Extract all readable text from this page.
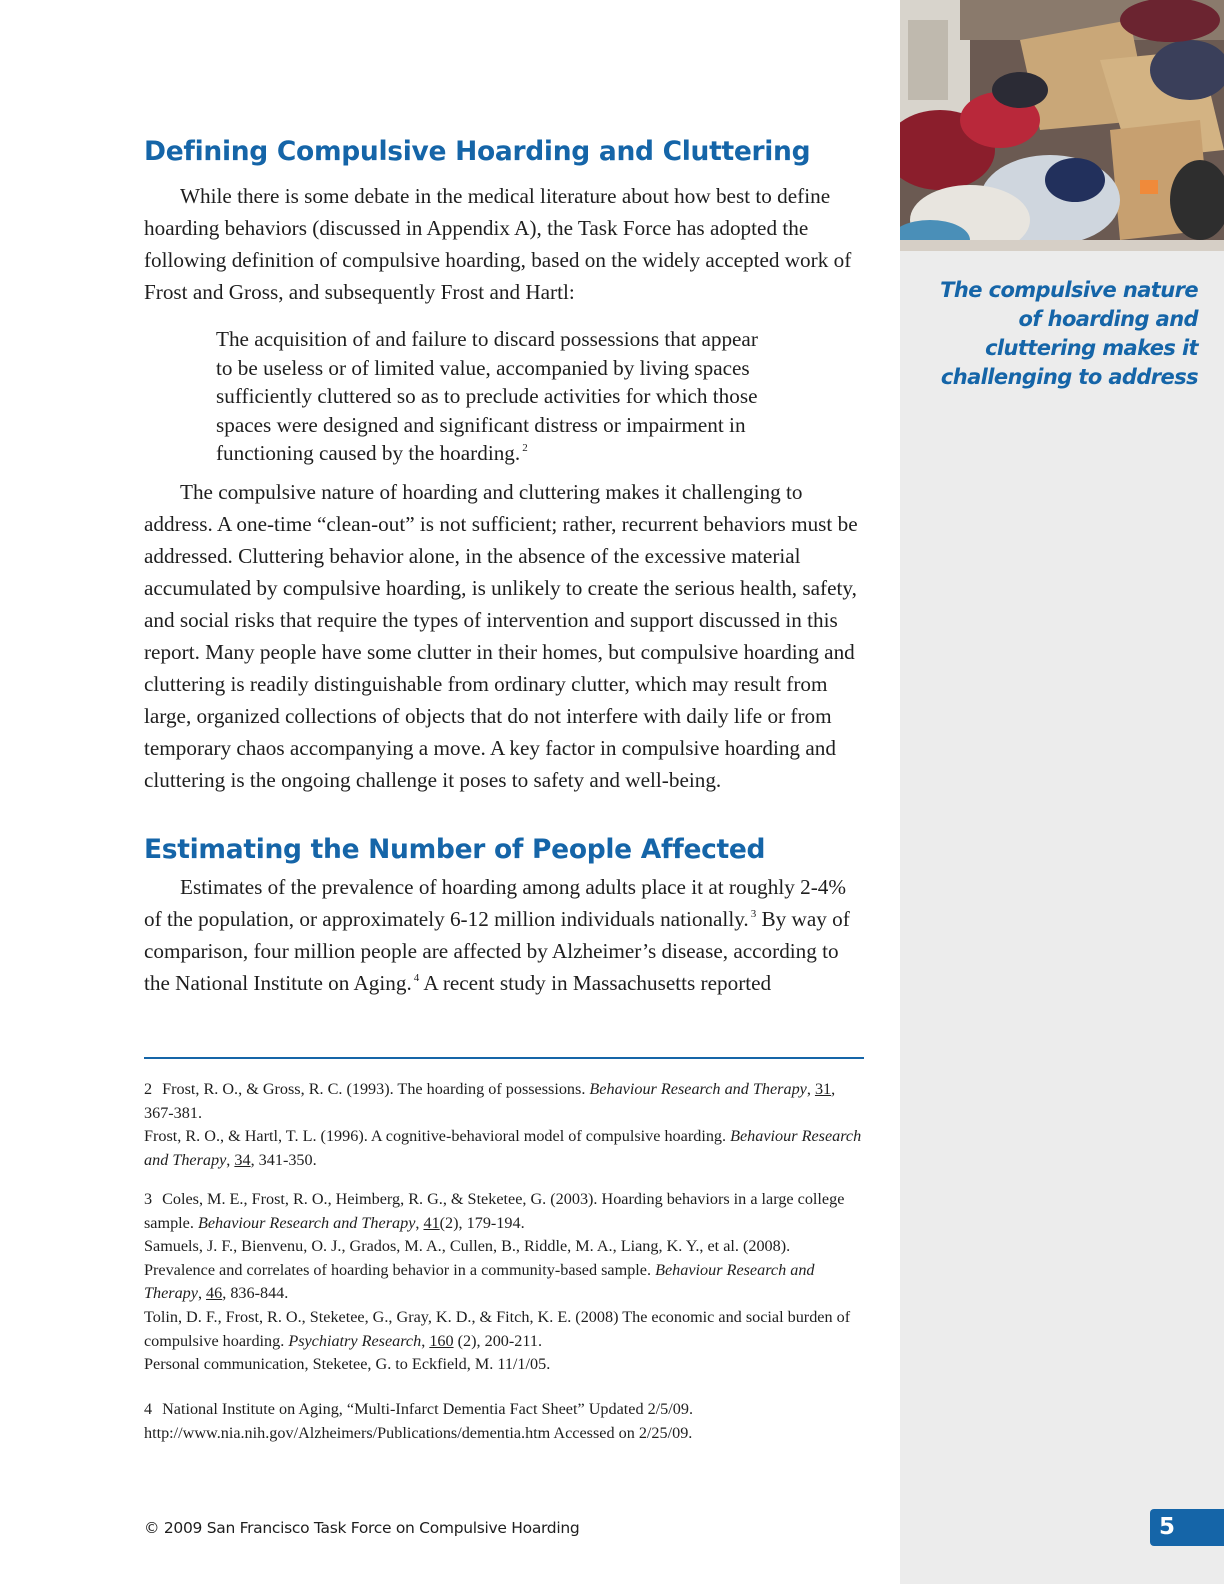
The compulsive nature of hoarding and cluttering makes it challenging to address
Defining Compulsive Hoarding and Cluttering

While there is some debate in the medical literature about how best to define hoarding behaviors (discussed in Appendix A), the Task Force has adopted the following definition of compulsive hoarding, based on the widely accepted work of Frost and Gross, and subsequently Frost and Hartl:

The acquisition of and failure to discard possessions that appear to be useless or of limited value, accompanied by living spaces sufficiently cluttered so as to preclude activities for which those spaces were designed and significant distress or impairment in functioning caused by the hoarding. $^2$

The compulsive nature of hoarding and cluttering makes it challenging to address. A one-time “clean-out” is not sufficient; rather, recurrent behaviors must be addressed. Cluttering behavior alone, in the absence of the excessive material accumulated by compulsive hoarding, is unlikely to create the serious health, safety, and social risks that require the types of intervention and support discussed in this report. Many people have some clutter in their homes, but compulsive hoarding and cluttering is readily distinguishable from ordinary clutter, which may result from large, organized collections of objects that do not interfere with daily life or from temporary chaos accompanying a move. A key factor in compulsive hoarding and cluttering is the ongoing challenge it poses to safety and well-being.

Estimating the Number of People Affected

Estimates of the prevalence of hoarding among adults place it at roughly 2-4% of the population, or approximately 6-12 million individuals nationally. $^3$ By way of comparison, four million people are affected by Alzheimer’s disease, according to the National Institute on Aging. $^4$ A recent study in Massachusetts reported

2 Frost, R. O., & Gross, R. C. (1993). The hoarding of possessions. Behaviour Research and Therapy, 31, 367-381.

Frost, R. O., & Hartl, T. L. (1996). A cognitive-behavioral model of compulsive hoarding. Behaviour Research and Therapy, 34, 341-350.

3 Coles, M. E., Frost, R. O., Heimberg, R. G., & Steketee, G. (2003). Hoarding behaviors in a large college sample. Behaviour Research and Therapy, 41(2), 179-194.

Samuels, J. F., Bienvenu, O. J., Grados, M. A., Cullen, B., Riddle, M. A., Liang, K. Y., et al. (2008). Prevalence and correlates of hoarding behavior in a community-based sample. Behaviour Research and Therapy, 46, 836-844.

Tolin, D. F., Frost, R. O., Steketee, G., Gray, K. D., & Fitch, K. E. (2008) The economic and social burden of compulsive hoarding. Psychiatry Research, 160 (2), 200-211.

Personal communication, Steketee, G. to Eckfield, M. 11/1/05.

4 National Institute on Aging, “Multi-Infarct Dementia Fact Sheet” Updated 2/5/09. http://www.nia.nih.gov/Alzheimers/Publications/dementia.htm Accessed on 2/25/09.

© 2009 San Francisco Task Force on Compulsive Hoarding	5
